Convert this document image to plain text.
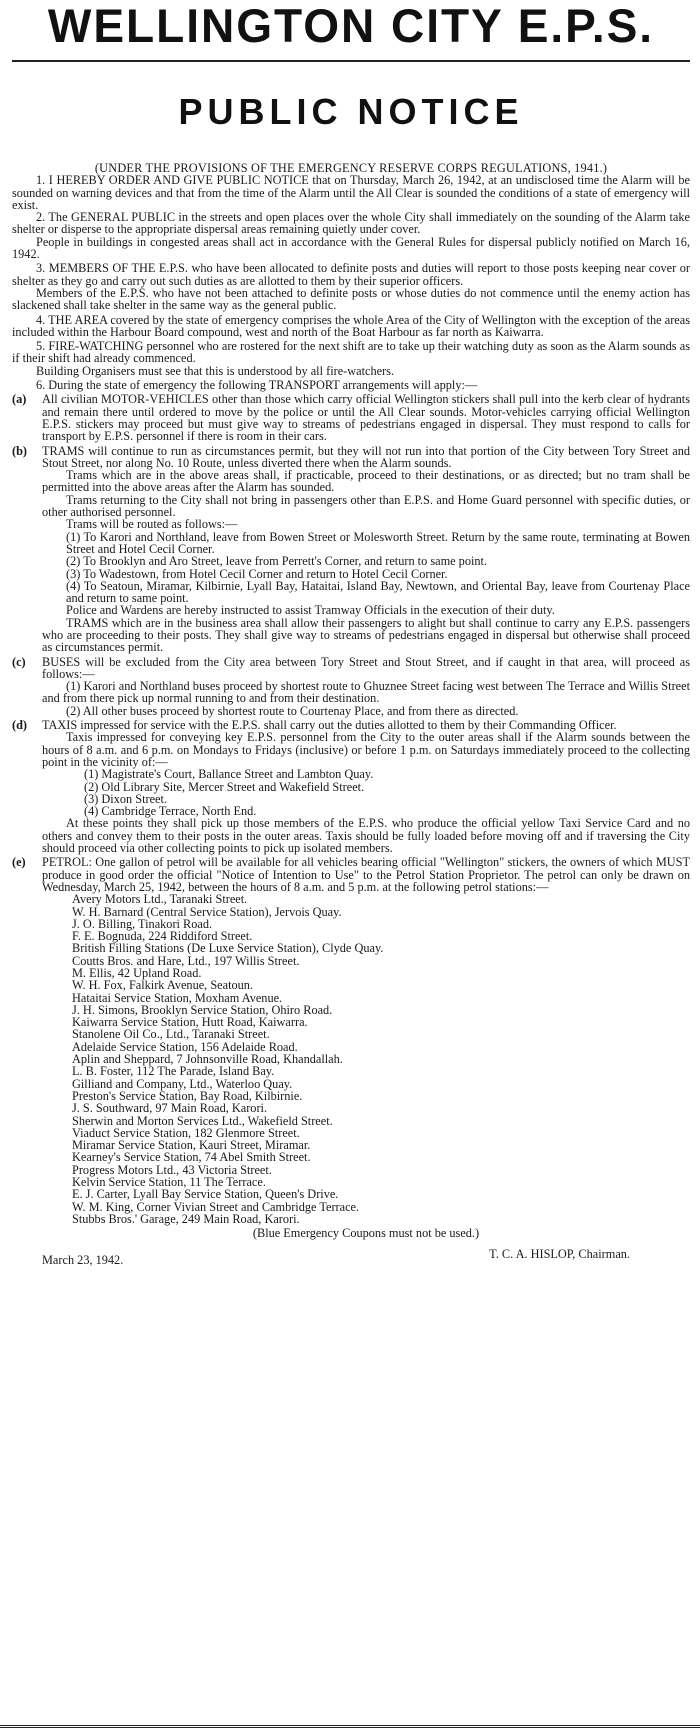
WELLINGTON CITY E.P.S.
PUBLIC NOTICE

(UNDER THE PROVISIONS OF THE EMERGENCY RESERVE CORPS REGULATIONS, 1941.)

1. I HEREBY ORDER AND GIVE PUBLIC NOTICE that on Thursday, March 26, 1942, at an undisclosed time the Alarm will be sounded on warning devices and that from the time of the Alarm until the All Clear is sounded the conditions of a state of emergency will exist.

2. The GENERAL PUBLIC in the streets and open places over the whole City shall immediately on the sounding of the Alarm take shelter or disperse to the appropriate dispersal areas remaining quietly under cover.

People in buildings in congested areas shall act in accordance with the General Rules for dispersal publicly notified on March 16, 1942.

3. MEMBERS OF THE E.P.S. who have been allocated to definite posts and duties will report to those posts keeping near cover or shelter as they go and carry out such duties as are allotted to them by their superior officers.

Members of the E.P.S. who have not been attached to definite posts or whose duties do not commence until the enemy action has slackened shall take shelter in the same way as the general public.

4. THE AREA covered by the state of emergency comprises the whole Area of the City of Wellington with the exception of the areas included within the Harbour Board compound, west and north of the Boat Harbour as far north as Kaiwarra.

5. FIRE-WATCHING personnel who are rostered for the next shift are to take up their watching duty as soon as the Alarm sounds as if their shift had already commenced.

Building Organisers must see that this is understood by all fire-watchers.

6. During the state of emergency the following TRANSPORT arrangements will apply:—

(a) All civilian MOTOR-VEHICLES other than those which carry official Wellington stickers shall pull into the kerb clear of hydrants and remain there until ordered to move by the police or until the All Clear sounds. Motor-vehicles carrying official Wellington E.P.S. stickers may proceed but must give way to streams of pedestrians engaged in dispersal. They must respond to calls for transport by E.P.S. personnel if there is room in their cars.

(b) TRAMS will continue to run as circumstances permit, but they will not run into that portion of the City between Tory Street and Stout Street, nor along No. 10 Route, unless diverted there when the Alarm sounds.

Trams which are in the above areas shall, if practicable, proceed to their destinations, or as directed; but no tram shall be permitted into the above areas after the Alarm has sounded.

Trams returning to the City shall not bring in passengers other than E.P.S. and Home Guard personnel with specific duties, or other authorised personnel.

Trams will be routed as follows:—

(1) To Karori and Northland, leave from Bowen Street or Molesworth Street. Return by the same route, terminating at Bowen Street and Hotel Cecil Corner.

(2) To Brooklyn and Aro Street, leave from Perrett's Corner, and return to same point.

(3) To Wadestown, from Hotel Cecil Corner and return to Hotel Cecil Corner.

(4) To Seatoun, Miramar, Kilbirnie, Lyall Bay, Hataitai, Island Bay, Newtown, and Oriental Bay, leave from Courtenay Place and return to same point.

Police and Wardens are hereby instructed to assist Tramway Officials in the execution of their duty.

TRAMS which are in the business area shall allow their passengers to alight but shall continue to carry any E.P.S. passengers who are proceeding to their posts. They shall give way to streams of pedestrians engaged in dispersal but otherwise shall proceed as circumstances permit.

(c) BUSES will be excluded from the City area between Tory Street and Stout Street, and if caught in that area, will proceed as follows:—

(1) Karori and Northland buses proceed by shortest route to Ghuznee Street facing west between The Terrace and Willis Street and from there pick up normal running to and from their destination.

(2) All other buses proceed by shortest route to Courtenay Place, and from there as directed.

(d) TAXIS impressed for service with the E.P.S. shall carry out the duties allotted to them by their Commanding Officer.

Taxis impressed for conveying key E.P.S. personnel from the City to the outer areas shall if the Alarm sounds between the hours of 8 a.m. and 6 p.m. on Mondays to Fridays (inclusive) or before 1 p.m. on Saturdays immediately proceed to the collecting point in the vicinity of:—

(1) Magistrate's Court, Ballance Street and Lambton Quay.

(2) Old Library Site, Mercer Street and Wakefield Street.

(3) Dixon Street.

(4) Cambridge Terrace, North End.

At these points they shall pick up those members of the E.P.S. who produce the official yellow Taxi Service Card and no others and convey them to their posts in the outer areas. Taxis should be fully loaded before moving off and if traversing the City should proceed via other collecting points to pick up isolated members.

(e) PETROL: One gallon of petrol will be available for all vehicles bearing official "Wellington" stickers, the owners of which MUST produce in good order the official "Notice of Intention to Use" to the Petrol Station Proprietor. The petrol can only be drawn on Wednesday, March 25, 1942, between the hours of 8 a.m. and 5 p.m. at the following petrol stations:—

Avery Motors Ltd., Taranaki Street.

W. H. Barnard (Central Service Station), Jervois Quay.

J. O. Billing, Tinakori Road.

F. E. Bognuda, 224 Riddiford Street.

British Filling Stations (De Luxe Service Station), Clyde Quay.

Coutts Bros. and Hare, Ltd., 197 Willis Street.

M. Ellis, 42 Upland Road.

W. H. Fox, Falkirk Avenue, Seatoun.

Hataitai Service Station, Moxham Avenue.

J. H. Simons, Brooklyn Service Station, Ohiro Road.

Kaiwarra Service Station, Hutt Road, Kaiwarra.

Stanolene Oil Co., Ltd., Taranaki Street.

Adelaide Service Station, 156 Adelaide Road.

Aplin and Sheppard, 7 Johnsonville Road, Khandallah.

L. B. Foster, 112 The Parade, Island Bay.

Gilliand and Company, Ltd., Waterloo Quay.

Preston's Service Station, Bay Road, Kilbirnie.

J. S. Southward, 97 Main Road, Karori.

Sherwin and Morton Services Ltd., Wakefield Street.

Viaduct Service Station, 182 Glenmore Street.

Miramar Service Station, Kauri Street, Miramar.

Kearney's Service Station, 74 Abel Smith Street.

Progress Motors Ltd., 43 Victoria Street.

Kelvin Service Station, 11 The Terrace.

E. J. Carter, Lyall Bay Service Station, Queen's Drive.

W. M. King, Corner Vivian Street and Cambridge Terrace.

Stubbs Bros.' Garage, 249 Main Road, Karori.

(Blue Emergency Coupons must not be used.)

March 23, 1942.	T. C. A. HISLOP, Chairman.
